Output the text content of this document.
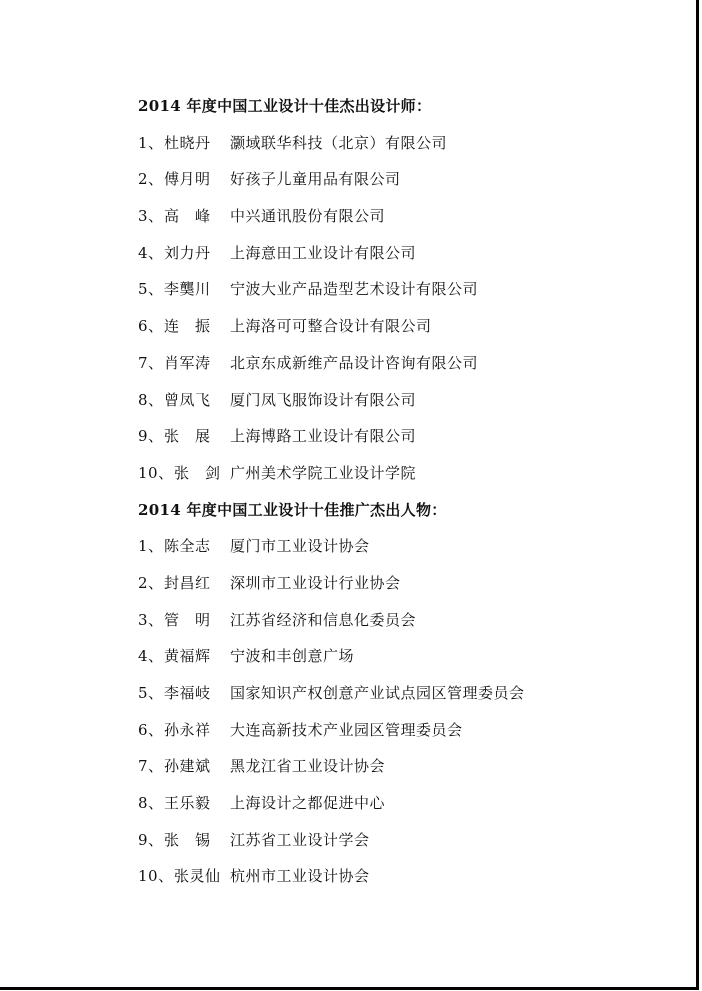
2014 年度中国工业设计十佳杰出设计师：
1、 杜晓丹	灏域联华科技（北京）有限公司
2、 傅月明	好孩子儿童用品有限公司
3、 高　峰	中兴通讯股份有限公司
4、 刘力丹	上海意田工业设计有限公司
5、 李龑川	宁波大业产品造型艺术设计有限公司
6、 连　振	上海洛可可整合设计有限公司
7、 肖军涛	北京东成新维产品设计咨询有限公司
8、 曾凤飞	厦门凤飞服饰设计有限公司
9、 张　展	上海博路工业设计有限公司
10、 张　剑 广州美术学院工业设计学院
2014 年度中国工业设计十佳推广杰出人物：
1、 陈全志	厦门市工业设计协会
2、 封昌红	深圳市工业设计行业协会
3、 管　明	江苏省经济和信息化委员会
4、 黄福辉	宁波和丰创意广场
5、 李福岐	国家知识产权创意产业试点园区管理委员会
6、 孙永祥	大连高新技术产业园区管理委员会
7、 孙建斌	黑龙江省工业设计协会
8、 王乐毅	上海设计之都促进中心
9、 张　锡	江苏省工业设计学会
10、 张灵仙 杭州市工业设计协会
